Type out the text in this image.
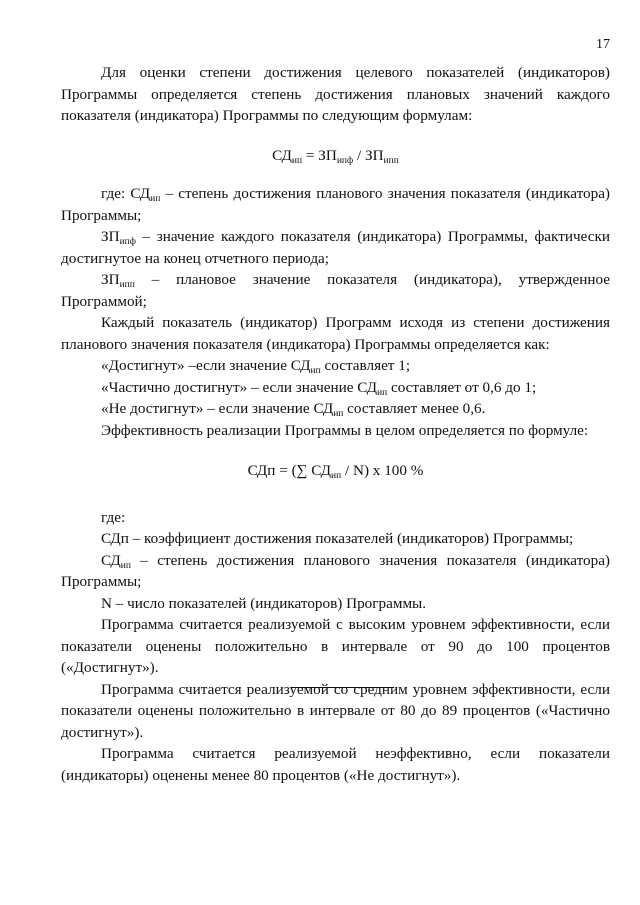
17

Для оценки степени достижения целевого показателей (индикаторов) Программы определяется степень достижения плановых значений каждого показателя (индикатора) Программы по следующим формулам:

$СД_{ип} = ЗП_{ипф} / ЗП_{ипп}$

где: $СД_{ип}$ – степень достижения планового значения показателя (индикатора) Программы;

$ЗП_{ипф}$ – значение каждого показателя (индикатора) Программы, фактически достигнутое на конец отчетного периода;

$ЗП_{ипп}$ – плановое значение показателя (индикатора), утвержденное Программой;

Каждый показатель (индикатор) Программ исходя из степени достижения планового значения показателя (индикатора) Программы определяется как:

«Достигнут» –если значение $СД_{ип}$ составляет 1;

«Частично достигнут» – если значение $СД_{ип}$ составляет от 0,6 до 1;

«Не достигнут» – если значение $СД_{ип}$ составляет менее 0,6.

Эффективность реализации Программы в целом определяется по формуле:

СДп = (∑ $СД_{ип} / N$) х 100 %

где:

СДп – коэффициент достижения показателей (индикаторов) Программы;

$СД_{ип}$ – степень достижения планового значения показателя (индикатора) Программы;

N – число показателей (индикаторов) Программы.

Программа считается реализуемой с высоким уровнем эффективности, если показатели оценены положительно в интервале от 90 до 100 процентов («Достигнут»).

Программа считается реализуемой со средним уровнем эффективности, если показатели оценены положительно в интервале от 80 до 89 процентов («Частично достигнут»).

Программа считается реализуемой неэффективно, если показатели (индикаторы) оценены менее 80 процентов («Не достигнут»).
